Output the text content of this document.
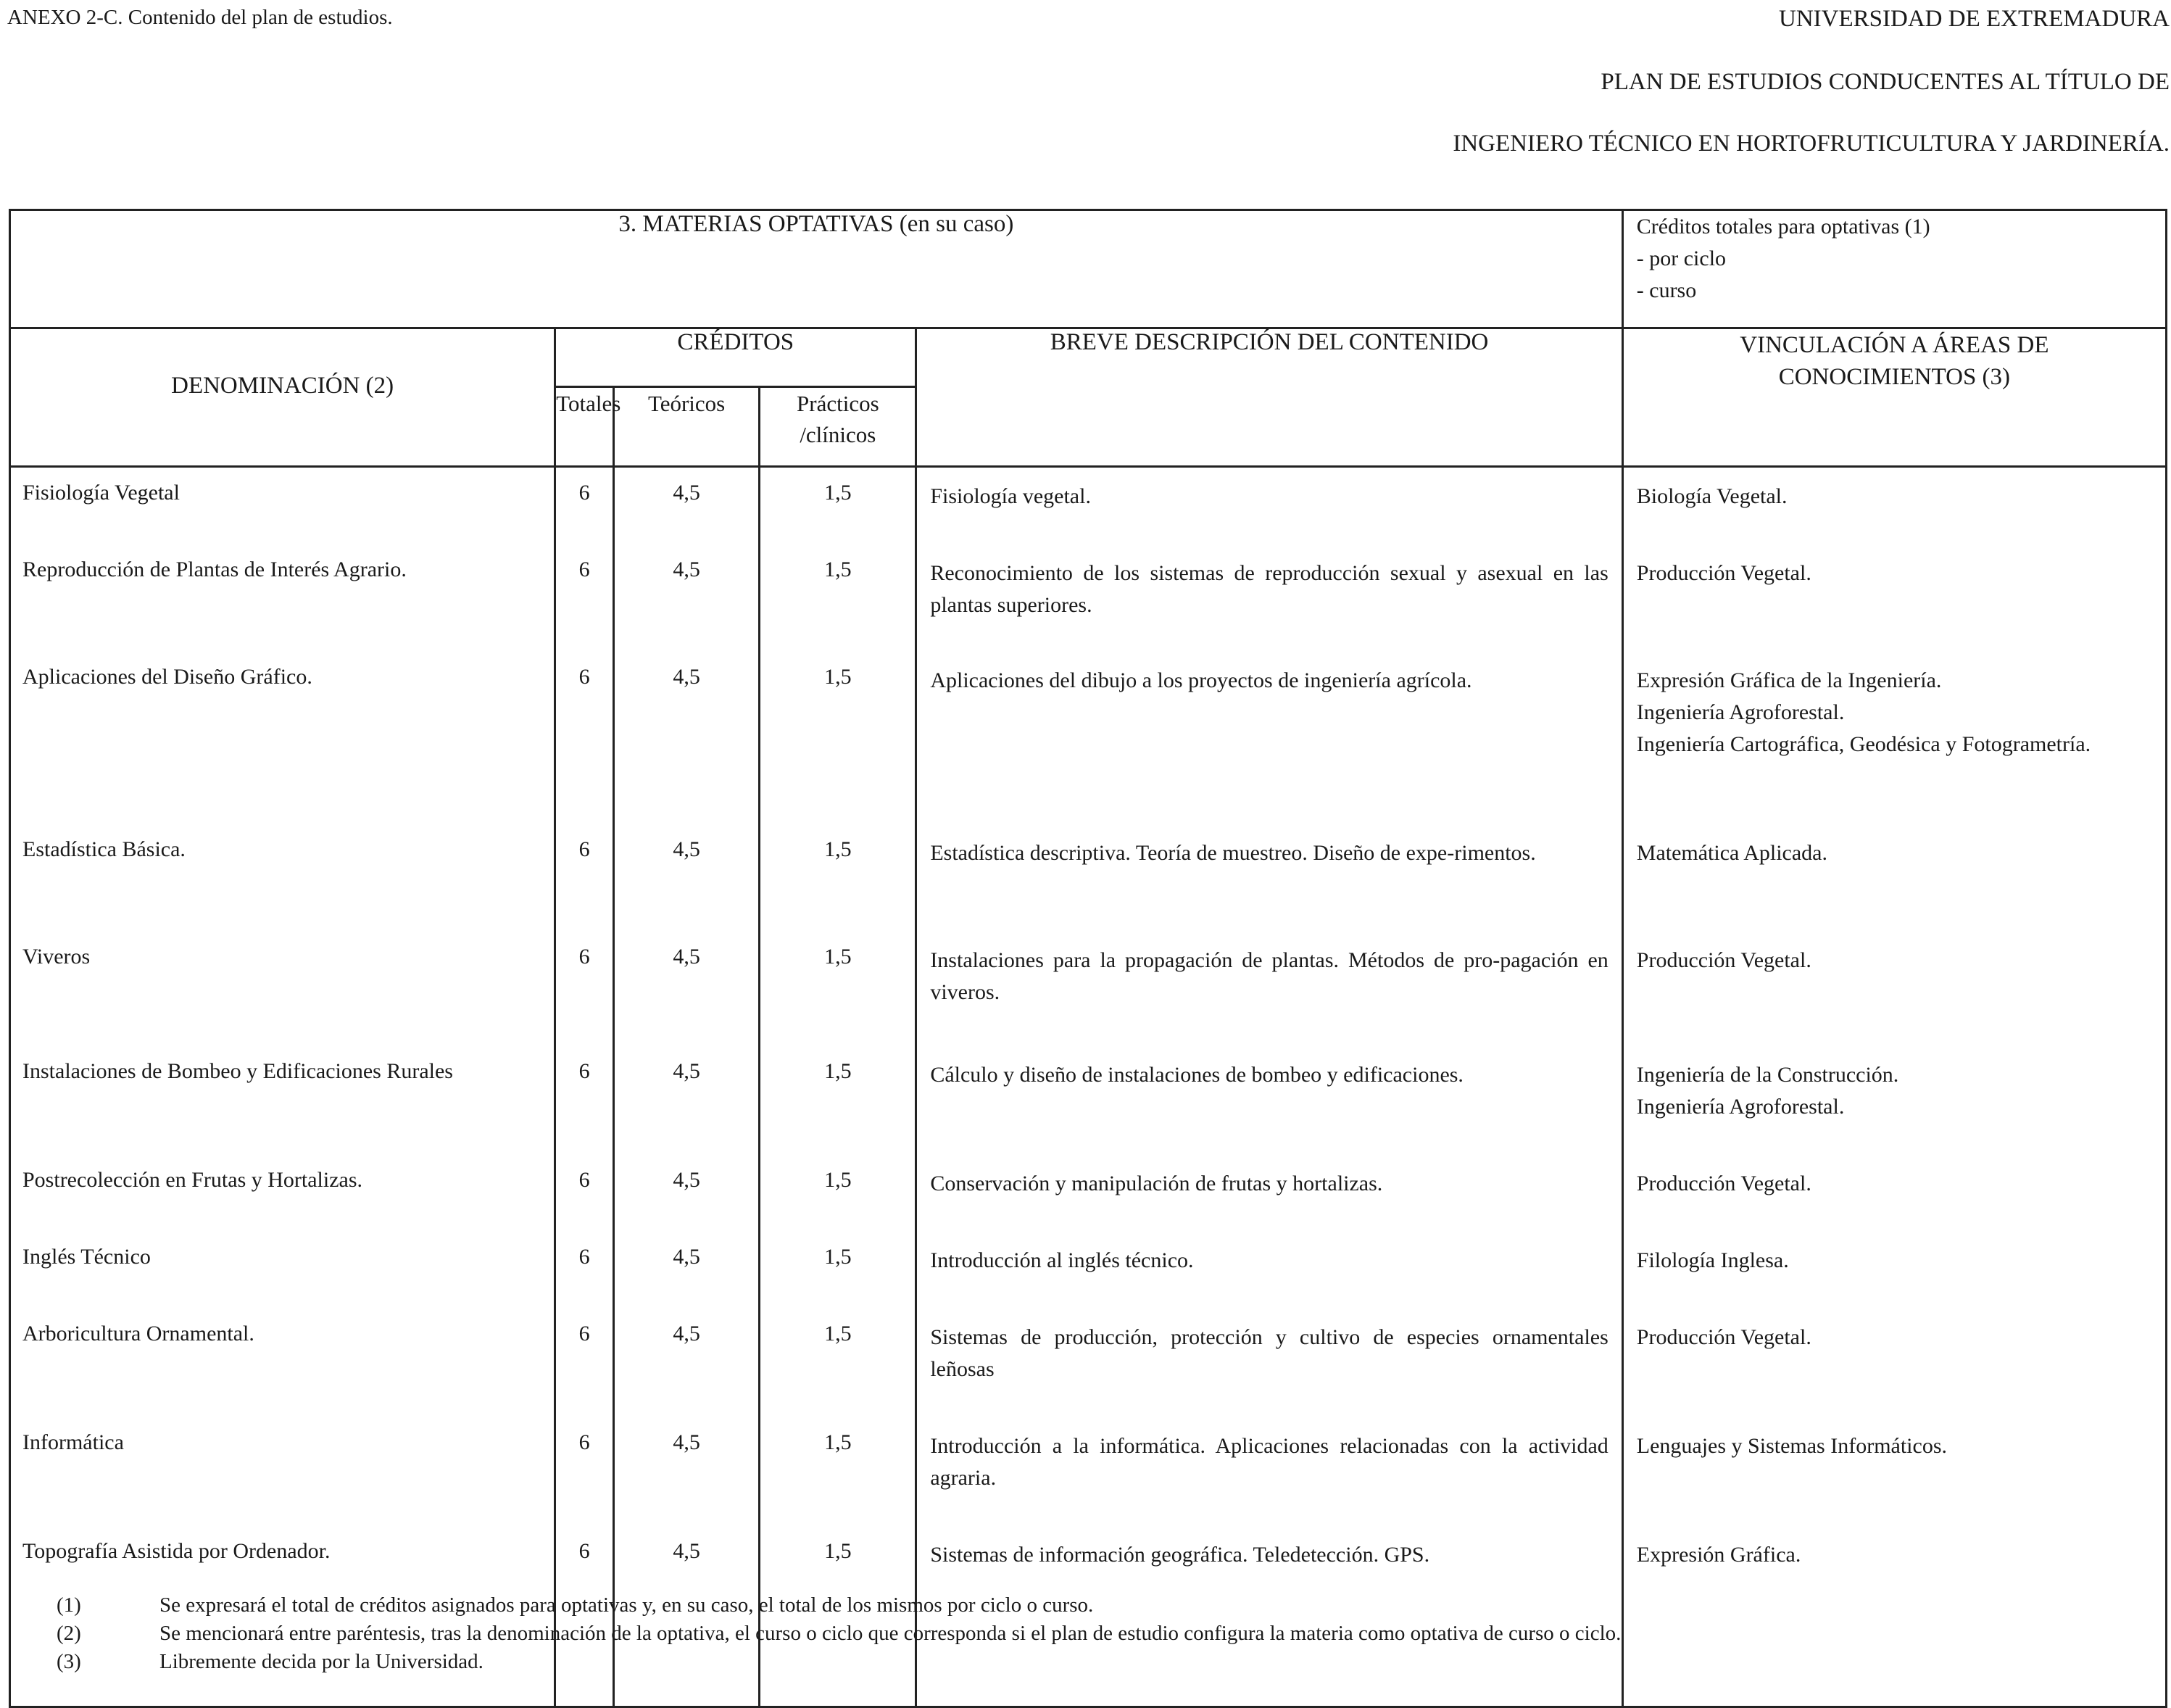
ANEXO 2-C. Contenido del plan de estudios.	UNIVERSIDAD DE EXTREMADURA
PLAN DE ESTUDIOS CONDUCENTES AL TÍTULO DE
INGENIERO TÉCNICO EN HORTOFRUTICULTURA Y JARDINERÍA.
3. MATERIAS OPTATIVAS (en su caso)					Créditos totales para optativas (1)
- por ciclo
- curso

DENOMINACIÓN (2)	CRÉDITOS			BREVE DESCRIPCIÓN DEL CONTENIDO	VINCULACIÓN A ÁREAS DE CONOCIMIENTOS (3)
	Totales	Teóricos	Prácticos /clínicos		
Fisiología Vegetal	6	4,5	1,5	Fisiología vegetal.	Biología Vegetal.
Reproducción de Plantas de Interés Agrario.	6	4,5	1,5	Reconocimiento de los sistemas de reproducción sexual y asexual en las plantas superiores.	Producción Vegetal.
Aplicaciones del Diseño Gráfico.	6	4,5	1,5	Aplicaciones del dibujo a los proyectos de ingeniería agrícola.	Expresión Gráfica de la Ingeniería.
Ingeniería Agroforestal.
Ingeniería Cartográfica, Geodésica y Fotogrametría.
Estadística Básica.	6	4,5	1,5	Estadística descriptiva. Teoría de muestreo. Diseño de expe-rimentos.	Matemática Aplicada.
Viveros	6	4,5	1,5	Instalaciones para la propagación de plantas. Métodos de pro-pagación en viveros.	Producción Vegetal.
Instalaciones de Bombeo y Edificaciones Rurales	6	4,5	1,5	Cálculo y diseño de instalaciones de bombeo y edificaciones.	Ingeniería de la Construcción.
Ingeniería Agroforestal.
Postrecolección en Frutas y Hortalizas.	6	4,5	1,5	Conservación y manipulación de frutas y hortalizas.	Producción Vegetal.
Inglés Técnico	6	4,5	1,5	Introducción al inglés técnico.	Filología Inglesa.
Arboricultura Ornamental.	6	4,5	1,5	Sistemas de producción, protección y cultivo de especies ornamentales leñosas	Producción Vegetal.
Informática	6	4,5	1,5	Introducción a la informática. Aplicaciones relacionadas con la actividad agraria.	Lenguajes y Sistemas Informáticos.
Topografía Asistida por Ordenador.	6	4,5	1,5	Sistemas de información geográfica. Teledetección. GPS.	Expresión Gráfica.
(1)	Se expresará el total de créditos asignados para optativas y, en su caso, el total de los mismos por ciclo o curso.
(2)	Se mencionará entre paréntesis, tras la denominación de la optativa, el curso o ciclo que corresponda si el plan de estudio configura la materia como optativa de curso o ciclo.
(3)	Libremente decida por la Universidad.
